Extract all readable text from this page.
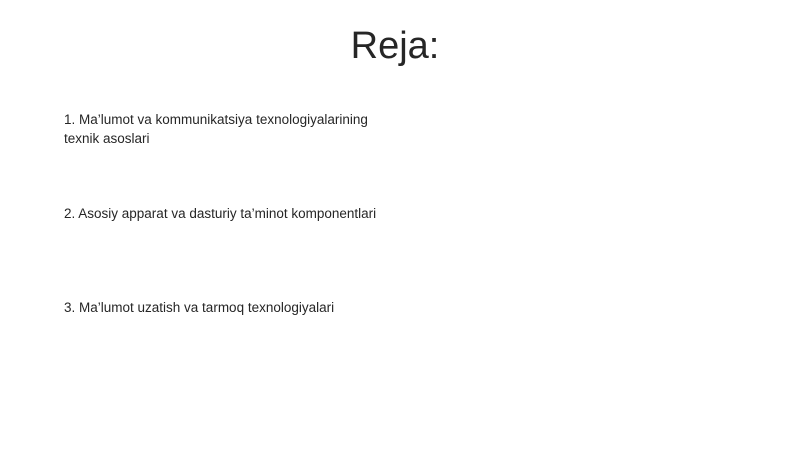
Reja:
1. Ma’lumot va kommunikatsiya texnologiyalarining texnik asoslari
2. Asosiy apparat va dasturiy ta’minot komponentlari
3. Ma’lumot uzatish va tarmoq texnologiyalari
